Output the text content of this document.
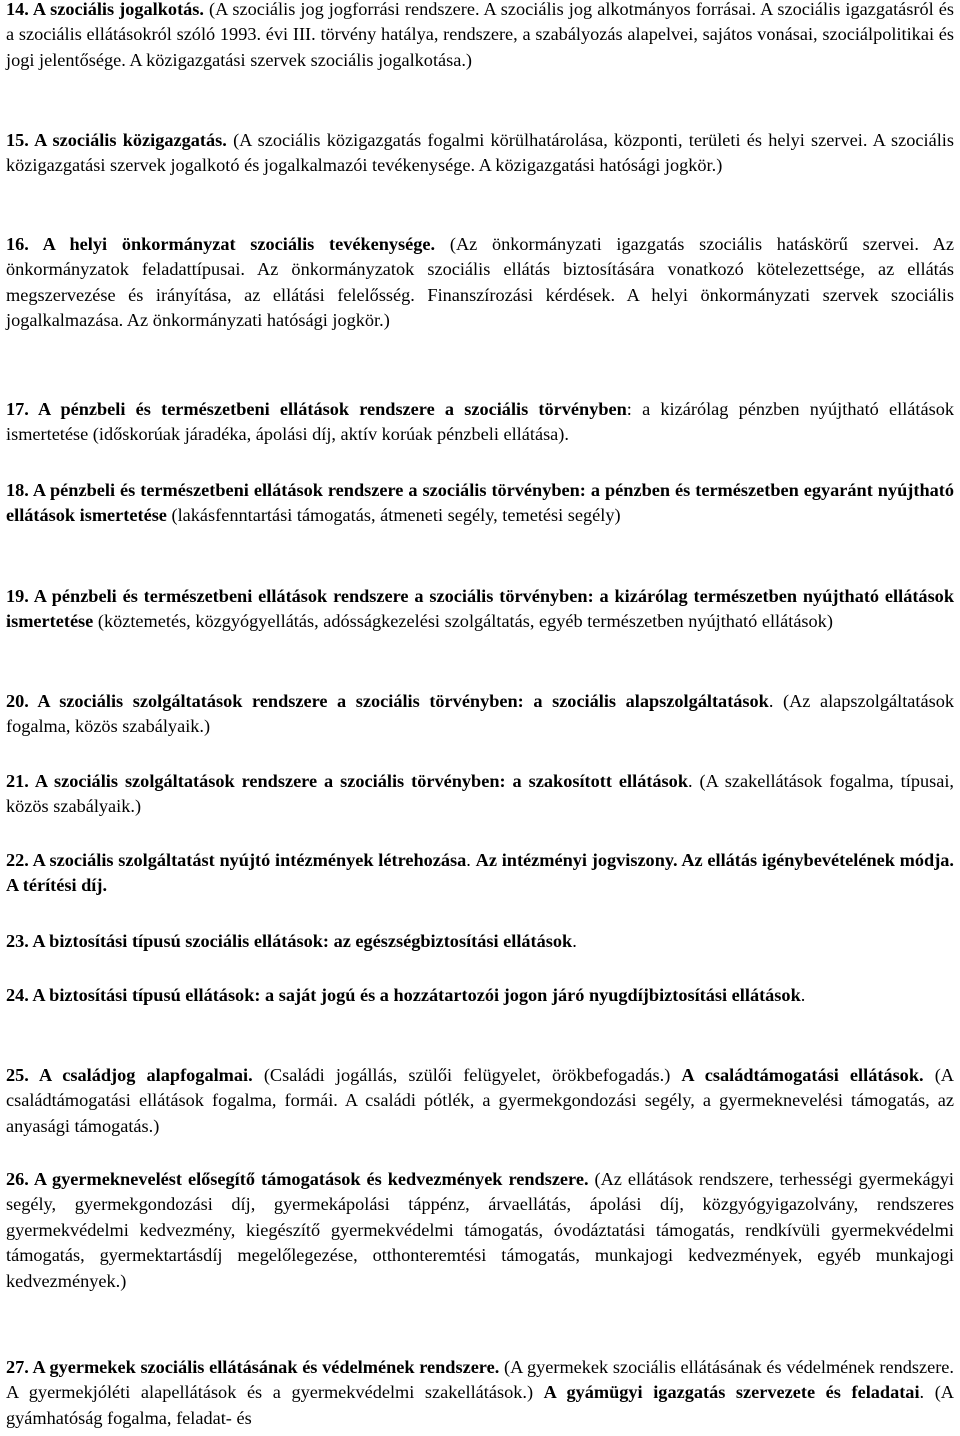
14. A szociális jogalkotás. (A szociális jog jogforrási rendszere. A szociális jog alkotmányos forrásai. A szociális igazgatásról és a szociális ellátásokról szóló 1993. évi III. törvény hatálya, rendszere, a szabályozás alapelvei, sajátos vonásai, szociálpolitikai és jogi jelentősége. A közigazgatási szervek szociális jogalkotása.)

15. A szociális közigazgatás. (A szociális közigazgatás fogalmi körülhatárolása, központi, területi és helyi szervei. A szociális közigazgatási szervek jogalkotó és jogalkalmazói tevékenysége. A közigazgatási hatósági jogkör.)

16. A helyi önkormányzat szociális tevékenysége. (Az önkormányzati igazgatás szociális hatáskörű szervei. Az önkormányzatok feladattípusai. Az önkormányzatok szociális ellátás biztosítására vonatkozó kötelezettsége, az ellátás megszervezése és irányítása, az ellátási felelősség. Finanszírozási kérdések. A helyi önkormányzati szervek szociális jogalkalmazása. Az önkormányzati hatósági jogkör.)

17. A pénzbeli és természetbeni ellátások rendszere a szociális törvényben: a kizárólag pénzben nyújtható ellátások ismertetése (időskorúak járadéka, ápolási díj, aktív korúak pénzbeli ellátása).

18. A pénzbeli és természetbeni ellátások rendszere a szociális törvényben: a pénzben és természetben egyaránt nyújtható ellátások ismertetése (lakásfenntartási támogatás, átmeneti segély, temetési segély)

19. A pénzbeli és természetbeni ellátások rendszere a szociális törvényben: a kizárólag természetben nyújtható ellátások ismertetése (köztemetés, közgyógyellátás, adósságkezelési szolgáltatás, egyéb természetben nyújtható ellátások)

20. A szociális szolgáltatások rendszere a szociális törvényben: a szociális alapszolgáltatások. (Az alapszolgáltatások fogalma, közös szabályaik.)

21. A szociális szolgáltatások rendszere a szociális törvényben: a szakosított ellátások. (A szakellátások fogalma, típusai, közös szabályaik.)

22. A szociális szolgáltatást nyújtó intézmények létrehozása. Az intézményi jogviszony. Az ellátás igénybevételének módja. A térítési díj.

23. A biztosítási típusú szociális ellátások: az egészségbiztosítási ellátások.

24. A biztosítási típusú ellátások: a saját jogú és a hozzátartozói jogon járó nyugdíjbiztosítási ellátások.

25. A családjog alapfogalmai. (Családi jogállás, szülői felügyelet, örökbefogadás.) A családtámogatási ellátások. (A családtámogatási ellátások fogalma, formái. A családi pótlék, a gyermekgondozási segély, a gyermeknevelési támogatás, az anyasági támogatás.)

26. A gyermeknevelést elősegítő támogatások és kedvezmények rendszere. (Az ellátások rendszere, terhességi gyermekágyi segély, gyermekgondozási díj, gyermekápolási táppénz, árvaellátás, ápolási díj, közgyógyigazolvány, rendszeres gyermekvédelmi kedvezmény, kiegészítő gyermekvédelmi támogatás, óvodáztatási támogatás, rendkívüli gyermekvédelmi támogatás, gyermektartásdíj megelőlegezése, otthonteremtési támogatás, munkajogi kedvezmények, egyéb munkajogi kedvezmények.)

27. A gyermekek szociális ellátásának és védelmének rendszere. (A gyermekek szociális ellátásának és védelmének rendszere. A gyermekjóléti alapellátások és a gyermekvédelmi szakellátások.) A gyámügyi igazgatás szervezete és feladatai. (A gyámhatóság fogalma, feladat- és
